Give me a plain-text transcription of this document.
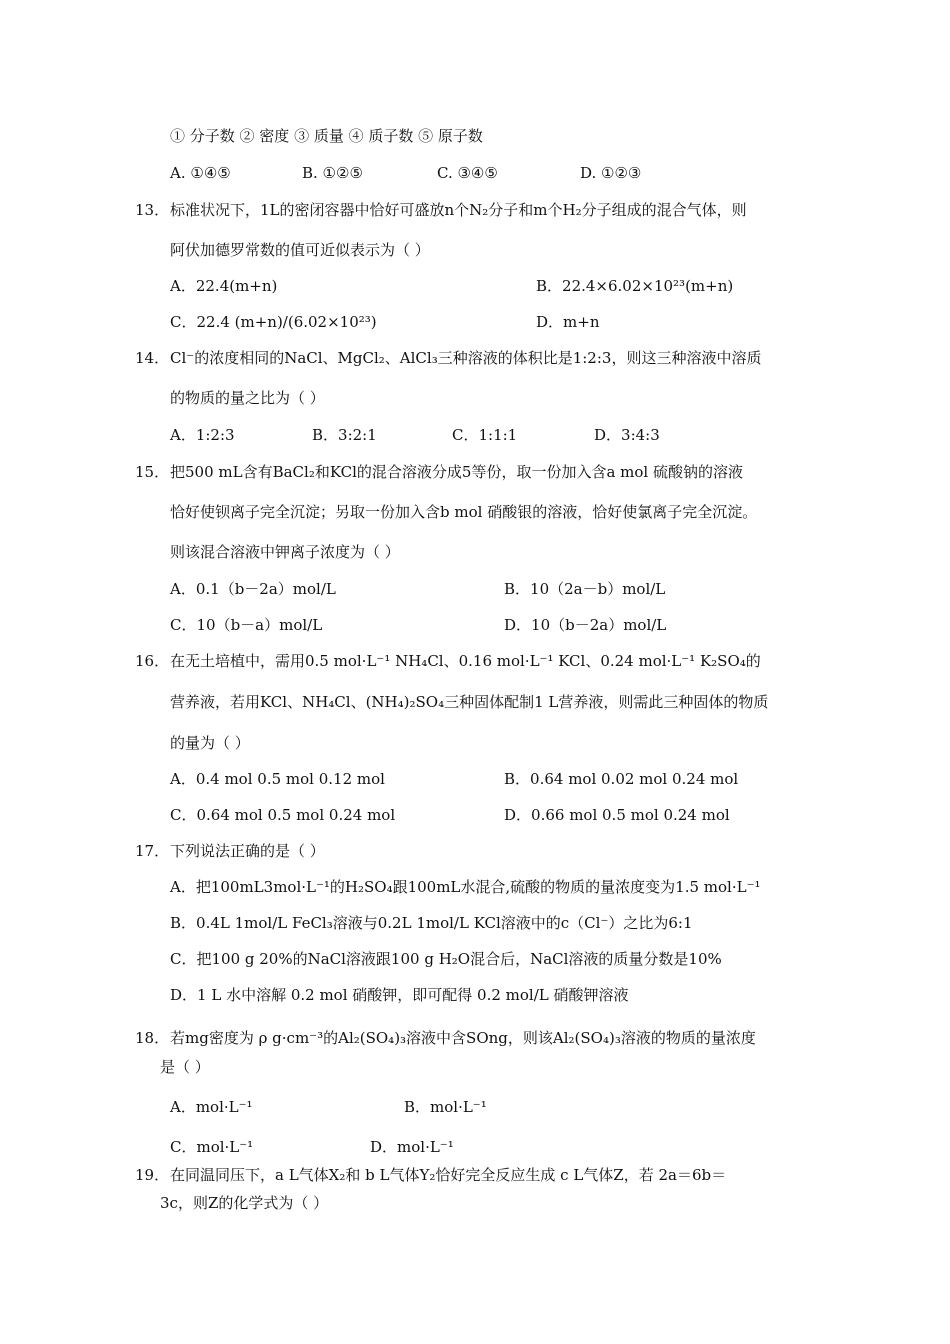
① 分子数 ② 密度 ③ 质量 ④ 质子数 ⑤ 原子数
A. ①④⑤	B. ①②⑤	C. ③④⑤	D. ①②③
13． 标准状况下，1L的密闭容器中恰好可盛放n个N₂分子和m个H₂分子组成的混合气体，则
阿伏加德罗常数的值可近似表示为（ ）
A．22.4(m+n)	B．22.4×6.02×10²³(m+n)
C．22.4 (m+n)/(6.02×10²³)	D．m+n
14． Cl⁻的浓度相同的NaCl、MgCl₂、AlCl₃三种溶液的体积比是1:2:3，则这三种溶液中溶质
的物质的量之比为（ ）
A．1:2:3	B．3:2:1	C．1:1:1	D．3:4:3
15． 把500 mL含有BaCl₂和KCl的混合溶液分成5等份，取一份加入含a mol 硫酸钠的溶液
恰好使钡离子完全沉淀；另取一份加入含b mol 硝酸银的溶液，恰好使氯离子完全沉淀。
则该混合溶液中钾离子浓度为（ ）
A．0.1（b－2a）mol/L	B．10（2a－b）mol/L
C．10（b－a）mol/L	D．10（b－2a）mol/L
16． 在无土培植中，需用0.5 mol·L⁻¹ NH₄Cl、0.16 mol·L⁻¹ KCl、0.24 mol·L⁻¹ K₂SO₄的
营养液，若用KCl、NH₄Cl、(NH₄)₂SO₄三种固体配制1 L营养液，则需此三种固体的物质
的量为（ ）
A．0.4 mol 0.5 mol 0.12 mol	B．0.64 mol 0.02 mol 0.24 mol
C．0.64 mol 0.5 mol 0.24 mol	D．0.66 mol 0.5 mol 0.24 mol
17． 下列说法正确的是（ ）
A．把100mL3mol·L⁻¹的H₂SO₄跟100mL水混合,硫酸的物质的量浓度变为1.5 mol·L⁻¹
B．0.4L 1mol/L FeCl₃溶液与0.2L 1mol/L KCl溶液中的c（Cl⁻）之比为6:1
C．把100 g 20%的NaCl溶液跟100 g H₂O混合后，NaCl溶液的质量分数是10%
D．1 L 水中溶解 0.2 mol 硝酸钾，即可配得 0.2 mol/L 硝酸钾溶液
18． 若mg密度为 ρ g·cm⁻³的Al₂(SO₄)₃溶液中含SOng，则该Al₂(SO₄)₃溶液的物质的量浓度
是（ ）
A．mol·L⁻¹	B．mol·L⁻¹
C．mol·L⁻¹	D．mol·L⁻¹
19． 在同温同压下，a L气体X₂和 b L气体Y₂恰好完全反应生成 c L气体Z，若 2a＝6b＝
3c，则Z的化学式为（ ）
